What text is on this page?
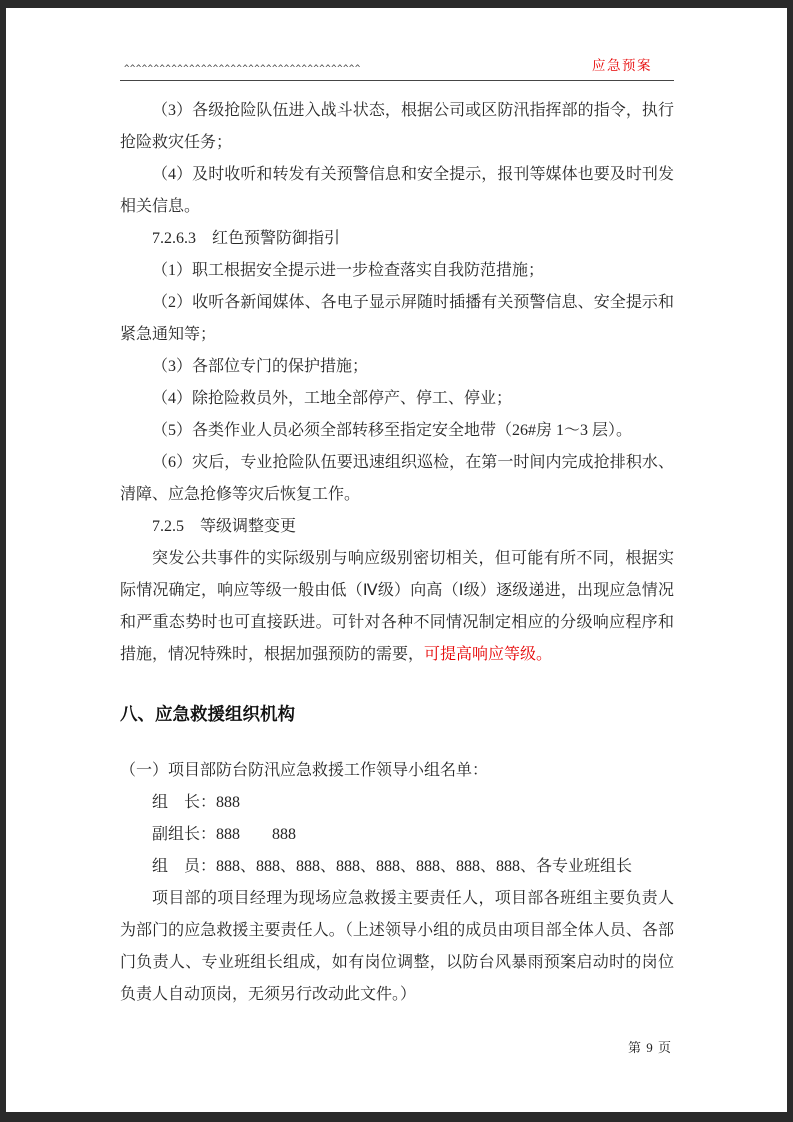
^^^^^^^^^^^^^^^^^^^^^^^^^^^^^^^^^^^^^^^^	应急预案

（3）各级抢险队伍进入战斗状态，根据公司或区防汛指挥部的指令，执行抢险救灾任务；

（4）及时收听和转发有关预警信息和安全提示，报刊等媒体也要及时刊发相关信息。

7.2.6.3　红色预警防御指引

（1）职工根据安全提示进一步检查落实自我防范措施；

（2）收听各新闻媒体、各电子显示屏随时插播有关预警信息、安全提示和紧急通知等；

（3）各部位专门的保护措施；

（4）除抢险救员外，工地全部停产、停工、停业；

（5）各类作业人员必须全部转移至指定安全地带（26#房 1～3 层）。

（6）灾后，专业抢险队伍要迅速组织巡检，在第一时间内完成抢排积水、清障、应急抢修等灾后恢复工作。

7.2.5　等级调整变更

突发公共事件的实际级别与响应级别密切相关，但可能有所不同，根据实际情况确定，响应等级一般由低（Ⅳ级）向高（Ⅰ级）逐级递进，出现应急情况和严重态势时也可直接跃进。可针对各种不同情况制定相应的分级响应程序和措施，情况特殊时，根据加强预防的需要，可提高响应等级。

八、应急救援组织机构

（一）项目部防台防汛应急救援工作领导小组名单：

组　长：888

副组长：888　　888

组　员：888、888、888、888、888、888、888、888、各专业班组长

项目部的项目经理为现场应急救援主要责任人，项目部各班组主要负责人为部门的应急救援主要责任人。（上述领导小组的成员由项目部全体人员、各部门负责人、专业班组长组成，如有岗位调整，以防台风暴雨预案启动时的岗位负责人自动顶岗，无须另行改动此文件。）

第 9 页
